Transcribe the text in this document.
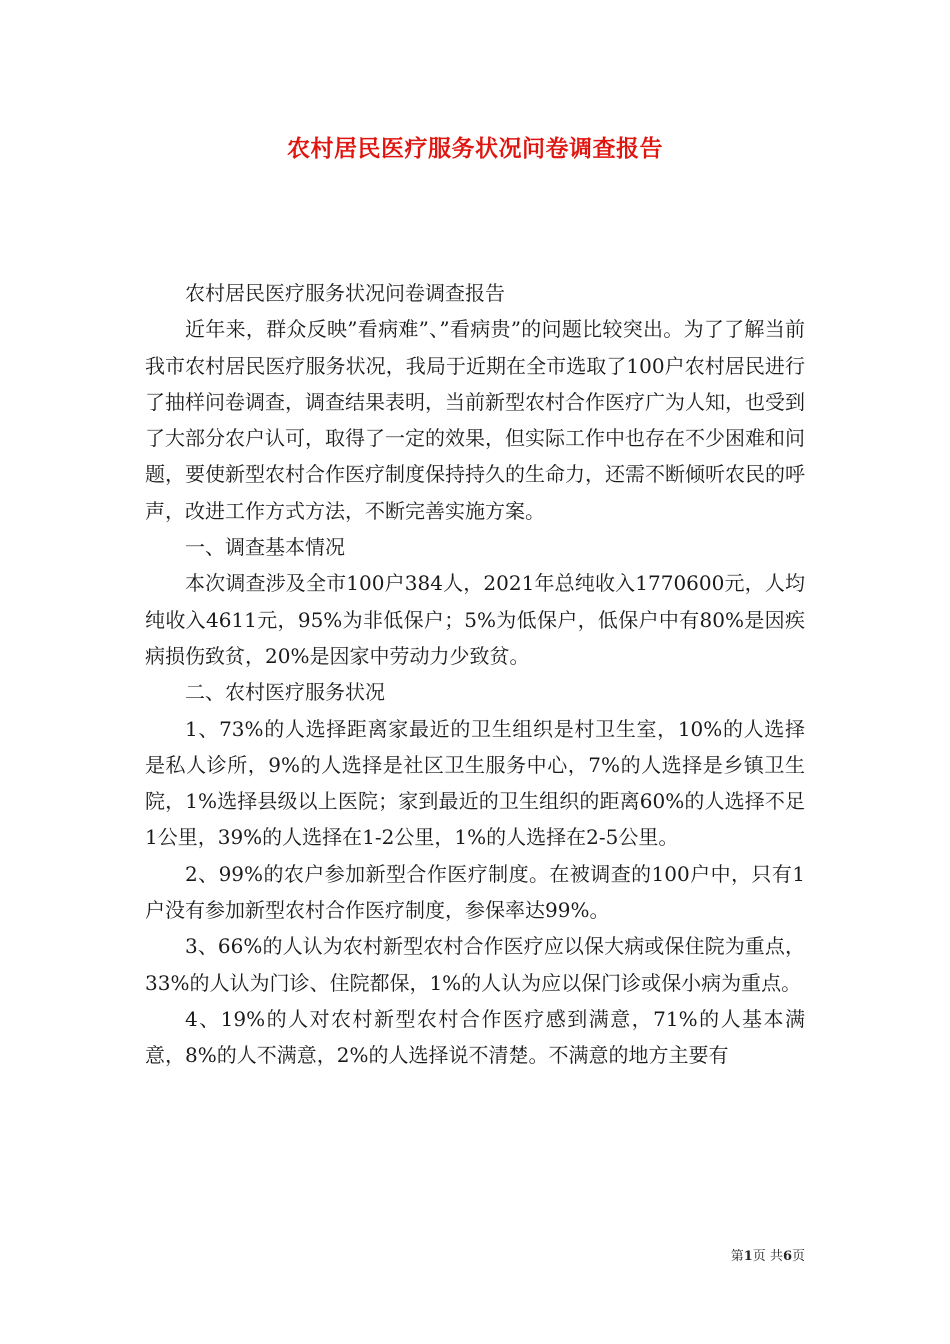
农村居民医疗服务状况问卷调查报告

农村居民医疗服务状况问卷调查报告

近年来，群众反映”看病难”、”看病贵”的问题比较突出。为了了解当前我市农村居民医疗服务状况，我局于近期在全市选取了100户农村居民进行了抽样问卷调查，调查结果表明，当前新型农村合作医疗广为人知，也受到了大部分农户认可，取得了一定的效果，但实际工作中也存在不少困难和问题，要使新型农村合作医疗制度保持持久的生命力，还需不断倾听农民的呼声，改进工作方式方法，不断完善实施方案。

一、调查基本情况

本次调查涉及全市100户384人，2021年总纯收入1770600元，人均纯收入4611元，95%为非低保户；5%为低保户，低保户中有80%是因疾病损伤致贫，20%是因家中劳动力少致贫。

二、农村医疗服务状况

1、73%的人选择距离家最近的卫生组织是村卫生室，10%的人选择是私人诊所，9%的人选择是社区卫生服务中心，7%的人选择是乡镇卫生院，1%选择县级以上医院；家到最近的卫生组织的距离60%的人选择不足1公里，39%的人选择在1-2公里，1%的人选择在2-5公里。

2、99%的农户参加新型合作医疗制度。在被调查的100户中，只有1户没有参加新型农村合作医疗制度，参保率达99%。

3、66%的人认为农村新型农村合作医疗应以保大病或保住院为重点，33%的人认为门诊、住院都保，1%的人认为应以保门诊或保小病为重点。

4、19%的人对农村新型农村合作医疗感到满意，71%的人基本满意，8%的人不满意，2%的人选择说不清楚。不满意的地方主要有

第1页 共6页
